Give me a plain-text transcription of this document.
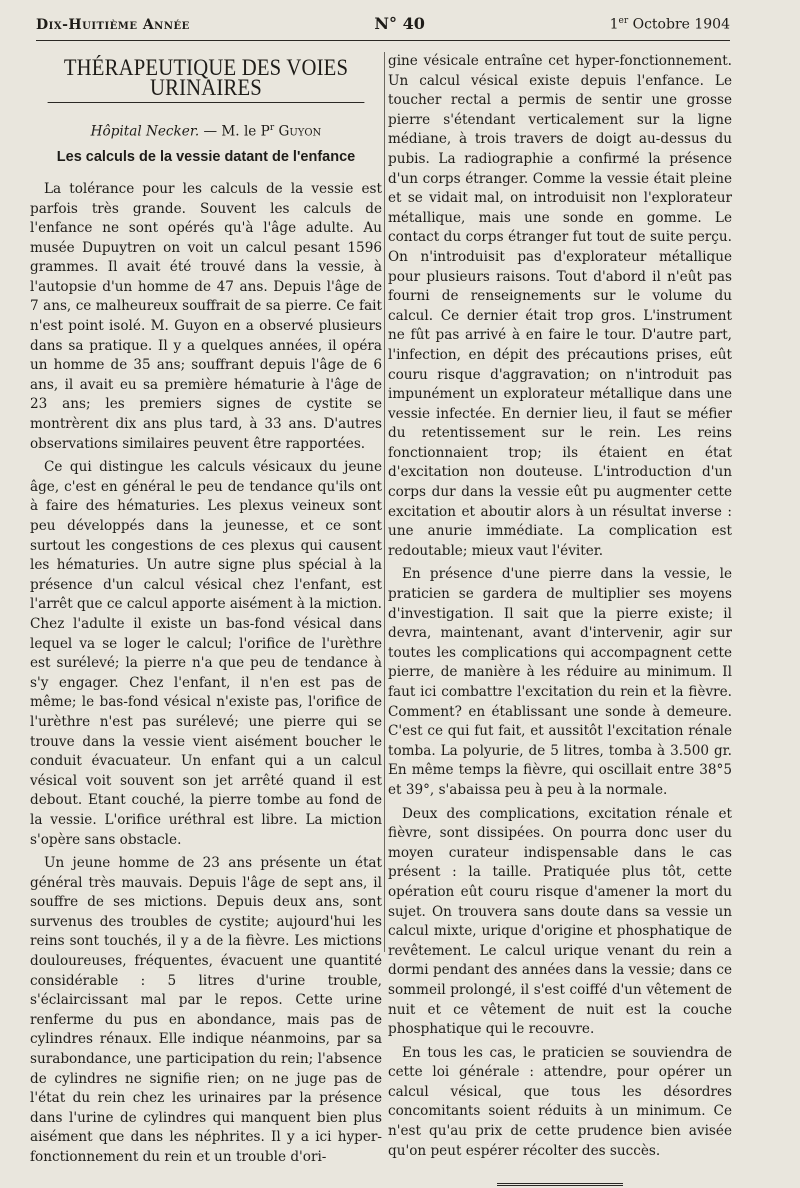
Dix-Huitième Année	N° 40	1er Octobre 1904
THÉRAPEUTIQUE DES VOIES URINAIRES
Hôpital Necker. — M. le $P^r$ Guyon
Les calculs de la vessie datant de l'enfance

La tolérance pour les calculs de la vessie est parfois très grande. Souvent les calculs de l'enfance ne sont opérés qu'à l'âge adulte. Au musée Dupuytren on voit un calcul pesant 1596 grammes. Il avait été trouvé dans la vessie, à l'autopsie d'un homme de 47 ans. Depuis l'âge de 7 ans, ce malheureux souffrait de sa pierre. Ce fait n'est point isolé. M. Guyon en a observé plusieurs dans sa pratique. Il y a quelques années, il opéra un homme de 35 ans; souffrant depuis l'âge de 6 ans, il avait eu sa première hématurie à l'âge de 23 ans; les premiers signes de cystite se montrèrent dix ans plus tard, à 33 ans. D'autres observations similaires peuvent être rapportées.

Ce qui distingue les calculs vésicaux du jeune âge, c'est en général le peu de tendance qu'ils ont à faire des hématuries. Les plexus veineux sont peu développés dans la jeunesse, et ce sont surtout les congestions de ces plexus qui causent les hématuries. Un autre signe plus spécial à la présence d'un calcul vésical chez l'enfant, est l'arrêt que ce calcul apporte aisément à la miction. Chez l'adulte il existe un bas-fond vésical dans lequel va se loger le calcul; l'orifice de l'urèthre est surélevé; la pierre n'a que peu de tendance à s'y engager. Chez l'enfant, il n'en est pas de même; le bas-fond vésical n'existe pas, l'orifice de l'urèthre n'est pas surélevé; une pierre qui se trouve dans la vessie vient aisément boucher le conduit évacuateur. Un enfant qui a un calcul vésical voit souvent son jet arrêté quand il est debout. Etant couché, la pierre tombe au fond de la vessie. L'orifice uréthral est libre. La miction s'opère sans obstacle.

Un jeune homme de 23 ans présente un état général très mauvais. Depuis l'âge de sept ans, il souffre de ses mictions. Depuis deux ans, sont survenus des troubles de cystite; aujourd'hui les reins sont touchés, il y a de la fièvre. Les mictions douloureuses, fréquentes, évacuent une quantité considérable : 5 litres d'urine trouble, s'éclaircissant mal par le repos. Cette urine renferme du pus en abondance, mais pas de cylindres rénaux. Elle indique néanmoins, par sa surabondance, une participation du rein; l'absence de cylindres ne signifie rien; on ne juge pas de l'état du rein chez les urinaires par la présence dans l'urine de cylindres qui manquent bien plus aisément que dans les néphrites. Il y a ici hyper-fonctionnement du rein et un trouble d'ori-

gine vésicale entraîne cet hyper-fonctionnement. Un calcul vésical existe depuis l'enfance. Le toucher rectal a permis de sentir une grosse pierre s'étendant verticalement sur la ligne médiane, à trois travers de doigt au-dessus du pubis. La radiographie a confirmé la présence d'un corps étranger. Comme la vessie était pleine et se vidait mal, on introduisit non l'explorateur métallique, mais une sonde en gomme. Le contact du corps étranger fut tout de suite perçu. On n'introduisit pas d'explorateur métallique pour plusieurs raisons. Tout d'abord il n'eût pas fourni de renseignements sur le volume du calcul. Ce dernier était trop gros. L'instrument ne fût pas arrivé à en faire le tour. D'autre part, l'infection, en dépit des précautions prises, eût couru risque d'aggravation; on n'introduit pas impunément un explorateur métallique dans une vessie infectée. En dernier lieu, il faut se méfier du retentissement sur le rein. Les reins fonctionnaient trop; ils étaient en état d'excitation non douteuse. L'introduction d'un corps dur dans la vessie eût pu augmenter cette excitation et aboutir alors à un résultat inverse : une anurie immédiate. La complication est redoutable; mieux vaut l'éviter.

En présence d'une pierre dans la vessie, le praticien se gardera de multiplier ses moyens d'investigation. Il sait que la pierre existe; il devra, maintenant, avant d'intervenir, agir sur toutes les complications qui accompagnent cette pierre, de manière à les réduire au minimum. Il faut ici combattre l'excitation du rein et la fièvre. Comment? en établissant une sonde à demeure. C'est ce qui fut fait, et aussitôt l'excitation rénale tomba. La polyurie, de 5 litres, tomba à 3.500 gr. En même temps la fièvre, qui oscillait entre 38°5 et 39°, s'abaissa peu à peu à la normale.

Deux des complications, excitation rénale et fièvre, sont dissipées. On pourra donc user du moyen curateur indispensable dans le cas présent : la taille. Pratiquée plus tôt, cette opération eût couru risque d'amener la mort du sujet. On trouvera sans doute dans sa vessie un calcul mixte, urique d'origine et phosphatique de revêtement. Le calcul urique venant du rein a dormi pendant des années dans la vessie; dans ce sommeil prolongé, il s'est coiffé d'un vêtement de nuit et ce vêtement de nuit est la couche phosphatique qui le recouvre.

En tous les cas, le praticien se souviendra de cette loi générale : attendre, pour opérer un calcul vésical, que tous les désordres concomitants soient réduits à un minimum. Ce n'est qu'au prix de cette prudence bien avisée qu'on peut espérer récolter des succès.
